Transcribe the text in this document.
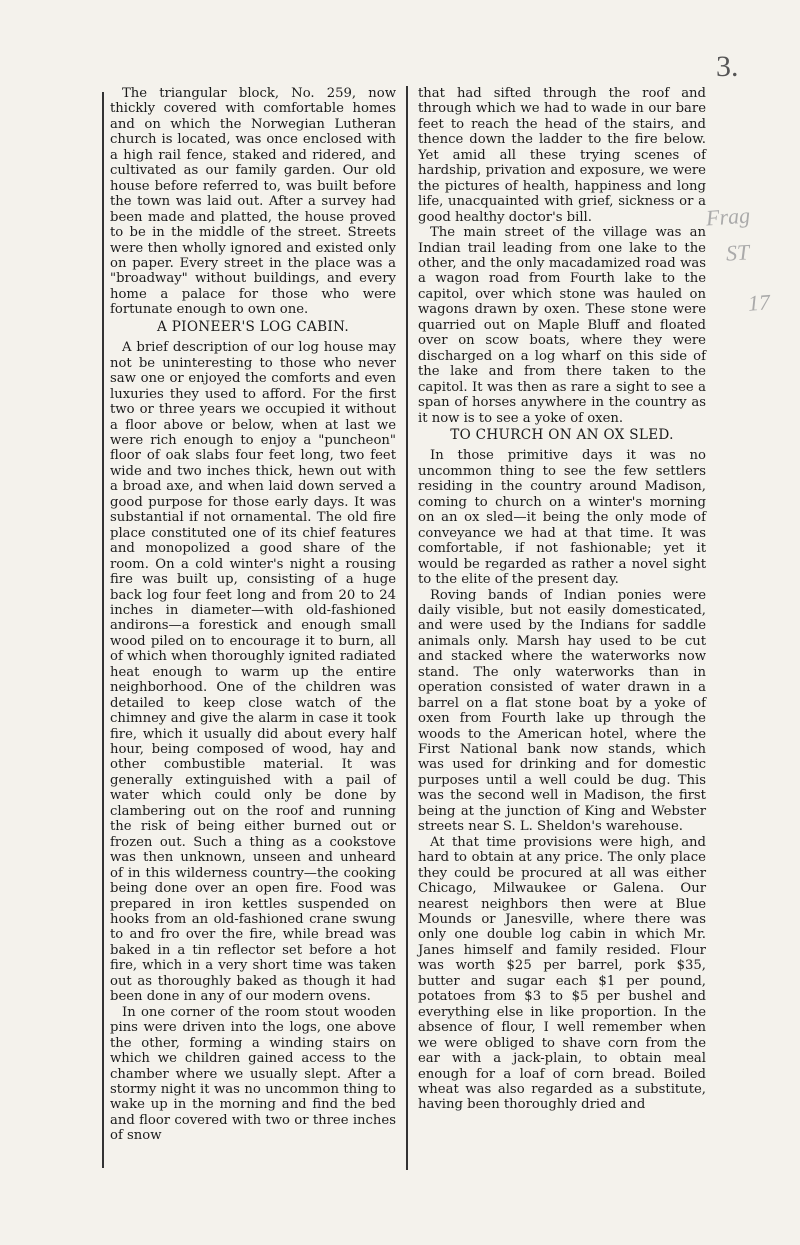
3.
Frag
ST
17

The triangular block, No. 259, now thickly covered with comfortable homes and on which the Norwegian Lutheran church is located, was once enclosed with a high rail fence, staked and ridered, and cultivated as our family garden. Our old house before referred to, was built before the town was laid out. After a survey had been made and platted, the house proved to be in the middle of the street. Streets were then wholly ignored and existed only on paper. Every street in the place was a "broadway" without buildings, and every home a palace for those who were fortunate enough to own one.

A PIONEER'S LOG CABIN.

A brief description of our log house may not be uninteresting to those who never saw one or enjoyed the comforts and even luxuries they used to afford. For the first two or three years we occupied it without a floor above or below, when at last we were rich enough to enjoy a "puncheon" floor of oak slabs four feet long, two feet wide and two inches thick, hewn out with a broad axe, and when laid down served a good purpose for those early days. It was substantial if not ornamental. The old fire place constituted one of its chief features and monopolized a good share of the room. On a cold winter's night a rousing fire was built up, consisting of a huge back log four feet long and from 20 to 24 inches in diameter—with old-fashioned andirons—a forestick and enough small wood piled on to encourage it to burn, all of which when thoroughly ignited radiated heat enough to warm up the entire neighborhood. One of the children was detailed to keep close watch of the chimney and give the alarm in case it took fire, which it usually did about every half hour, being composed of wood, hay and other combustible material. It was generally extinguished with a pail of water which could only be done by clambering out on the roof and running the risk of being either burned out or frozen out. Such a thing as a cookstove was then unknown, unseen and unheard of in this wilderness country—the cooking being done over an open fire. Food was prepared in iron kettles suspended on hooks from an old-fashioned crane swung to and fro over the fire, while bread was baked in a tin reflector set before a hot fire, which in a very short time was taken out as thoroughly baked as though it had been done in any of our modern ovens.

In one corner of the room stout wooden pins were driven into the logs, one above the other, forming a winding stairs on which we children gained access to the chamber where we usually slept. After a stormy night it was no uncommon thing to wake up in the morning and find the bed and floor covered with two or three inches of snow

that had sifted through the roof and through which we had to wade in our bare feet to reach the head of the stairs, and thence down the ladder to the fire below. Yet amid all these trying scenes of hardship, privation and exposure, we were the pictures of health, happiness and long life, unacquainted with grief, sickness or a good healthy doctor's bill.

The main street of the village was an Indian trail leading from one lake to the other, and the only macadamized road was a wagon road from Fourth lake to the capitol, over which stone was hauled on wagons drawn by oxen. These stone were quarried out on Maple Bluff and floated over on scow boats, where they were discharged on a log wharf on this side of the lake and from there taken to the capitol. It was then as rare a sight to see a span of horses anywhere in the country as it now is to see a yoke of oxen.

TO CHURCH ON AN OX SLED.

In those primitive days it was no uncommon thing to see the few settlers residing in the country around Madison, coming to church on a winter's morning on an ox sled—it being the only mode of conveyance we had at that time. It was comfortable, if not fashionable; yet it would be regarded as rather a novel sight to the elite of the present day.

Roving bands of Indian ponies were daily visible, but not easily domesticated, and were used by the Indians for saddle animals only. Marsh hay used to be cut and stacked where the waterworks now stand. The only waterworks than in operation consisted of water drawn in a barrel on a flat stone boat by a yoke of oxen from Fourth lake up through the woods to the American hotel, where the First National bank now stands, which was used for drinking and for domestic purposes until a well could be dug. This was the second well in Madison, the first being at the junction of King and Webster streets near S. L. Sheldon's warehouse.

At that time provisions were high, and hard to obtain at any price. The only place they could be procured at all was either Chicago, Milwaukee or Galena. Our nearest neighbors then were at Blue Mounds or Janesville, where there was only one double log cabin in which Mr. Janes himself and family resided. Flour was worth $25 per barrel, pork $35, butter and sugar each $1 per pound, potatoes from $3 to $5 per bushel and everything else in like proportion. In the absence of flour, I well remember when we were obliged to shave corn from the ear with a jack-plain, to obtain meal enough for a loaf of corn bread. Boiled wheat was also regarded as a substitute, having been thoroughly dried and
